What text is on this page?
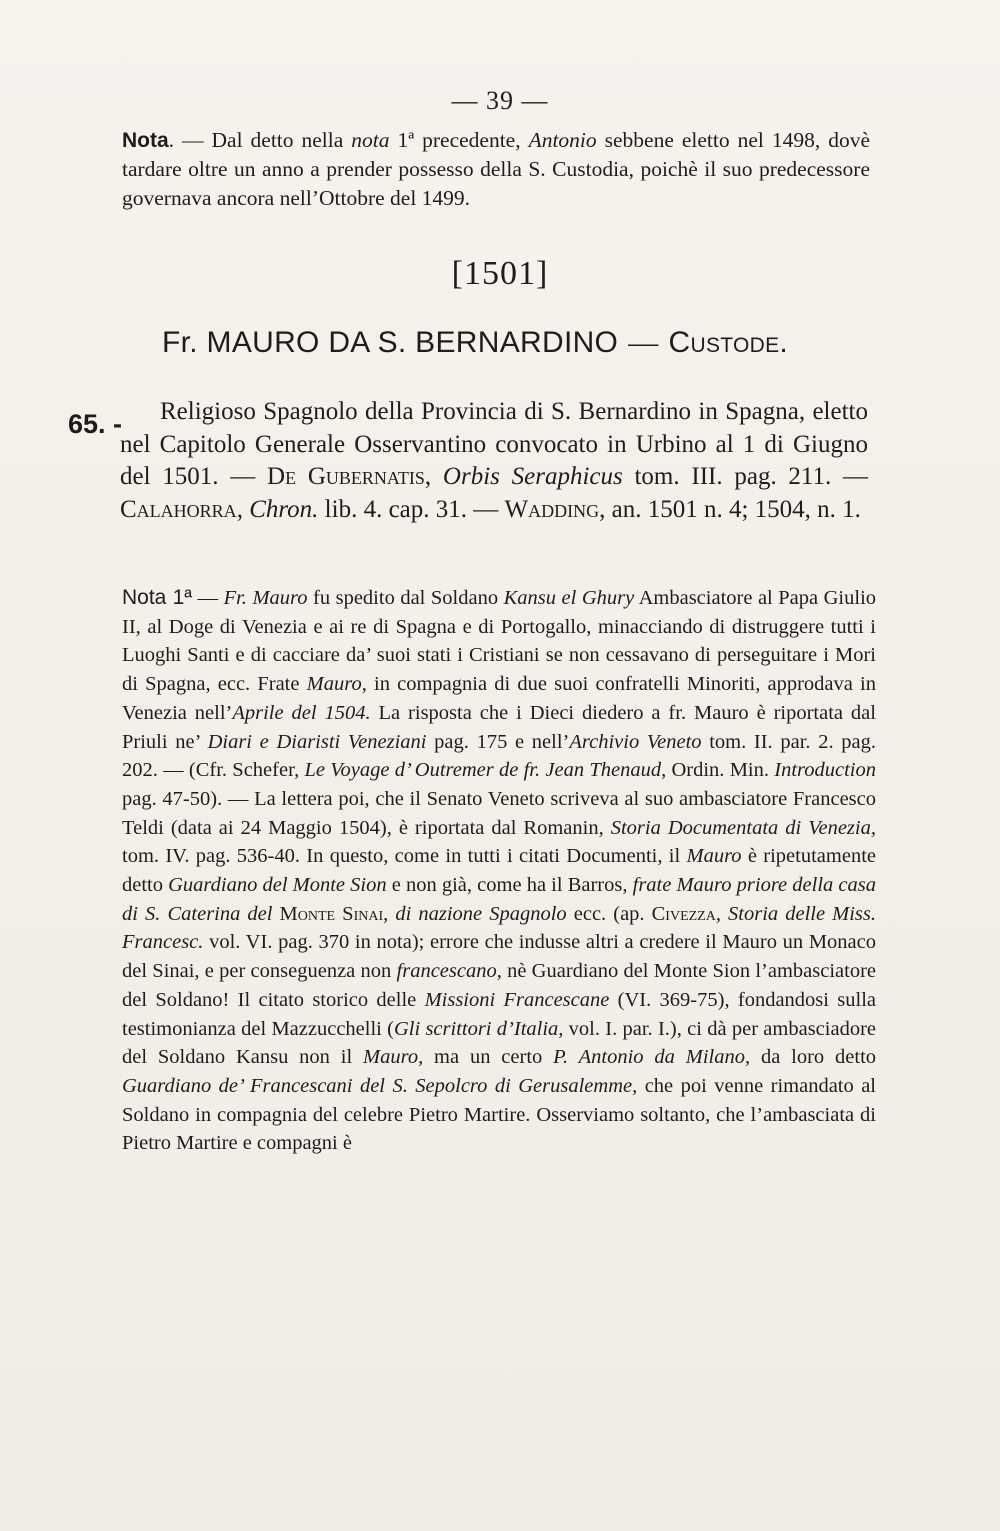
— 39 —
Nota. — Dal detto nella nota 1ª precedente, Antonio sebbene eletto nel 1498, dovè tardare oltre un anno a prender possesso della S. Custodia, poichè il suo predecessore governava ancora nell’Ottobre del 1499.
[1501]
Fr. MAURO DA S. BERNARDINO — Custode.
65. -	Religioso Spagnolo della Provincia di S. Bernardino in Spagna, eletto nel Capitolo Generale Osservantino convocato in Urbino al 1 di Giugno del 1501. — De Gubernatis, Orbis Seraphicus tom. III. pag. 211. — Calahorra, Chron. lib. 4. cap. 31. — Wadding, an. 1501 n. 4; 1504, n. 1.
Nota 1ª — Fr. Mauro fu spedito dal Soldano Kansu el Ghury Ambasciatore al Papa Giulio II, al Doge di Venezia e ai re di Spagna e di Portogallo, minacciando di distruggere tutti i Luoghi Santi e di cacciare da’ suoi stati i Cristiani se non cessavano di perseguitare i Mori di Spagna, ecc. Frate Mauro, in compagnia di due suoi confratelli Minoriti, approdava in Venezia nell’Aprile del 1504. La risposta che i Dieci diedero a fr. Mauro è riportata dal Priuli ne’ Diari e Diaristi Veneziani pag. 175 e nell’Archivio Veneto tom. II. par. 2. pag. 202. — (Cfr. Schefer, Le Voyage d’ Outremer de fr. Jean Thenaud, Ordin. Min. Introduction pag. 47-50). — La lettera poi, che il Senato Veneto scriveva al suo ambasciatore Francesco Teldi (data ai 24 Maggio 1504), è riportata dal Romanin, Storia Documentata di Venezia, tom. IV. pag. 536-40. In questo, come in tutti i citati Documenti, il Mauro è ripetutamente detto Guardiano del Monte Sion e non già, come ha il Barros, frate Mauro priore della casa di S. Caterina del Monte Sinai, di nazione Spagnolo ecc. (ap. Civezza, Storia delle Miss. Francesc. vol. VI. pag. 370 in nota); errore che indusse altri a credere il Mauro un Monaco del Sinai, e per conseguenza non francescano, nè Guardiano del Monte Sion l’ambasciatore del Soldano! Il citato storico delle Missioni Francescane (VI. 369-75), fondandosi sulla testimonianza del Mazzucchelli (Gli scrittori d’Italia, vol. I. par. I.), ci dà per ambasciadore del Soldano Kansu non il Mauro, ma un certo P. Antonio da Milano, da loro detto Guardiano de’ Francescani del S. Sepolcro di Gerusalemme, che poi venne rimandato al Soldano in compagnia del celebre Pietro Martire. Osserviamo soltanto, che l’ambasciata di Pietro Martire e compagni è
